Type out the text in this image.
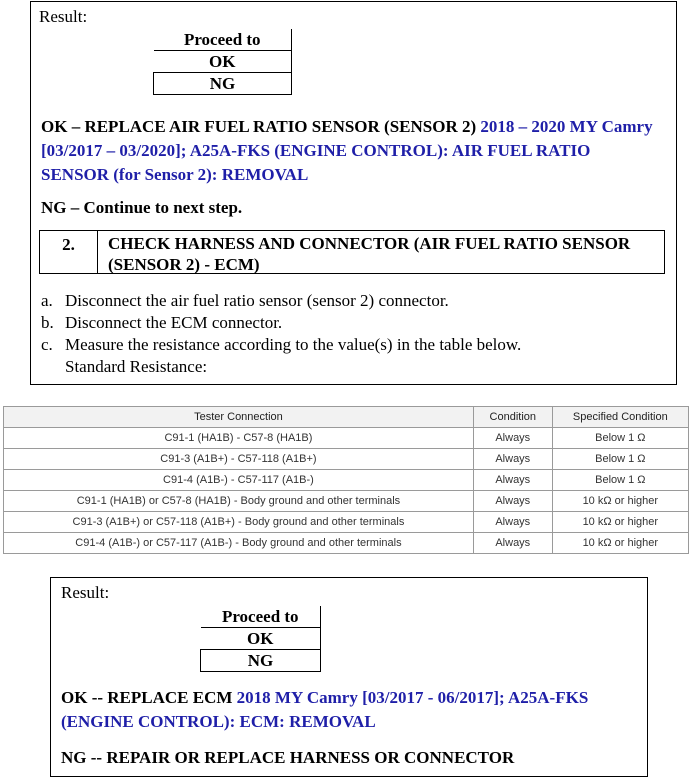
Result:
Proceed to
OK
NG
OK – REPLACE AIR FUEL RATIO SENSOR (SENSOR 2) 2018 – 2020 MY Camry [03/2017 – 03/2020]; A25A-FKS (ENGINE CONTROL): AIR FUEL RATIO SENSOR (for Sensor 2): REMOVAL
NG – Continue to next step.
2.	CHECK HARNESS AND CONNECTOR (AIR FUEL RATIO SENSOR (SENSOR 2) - ECM)
a. Disconnect the air fuel ratio sensor (sensor 2) connector.
b. Disconnect the ECM connector.
c. Measure the resistance according to the value(s) in the table below.
Standard Resistance:
Tester Connection	Condition	Specified Condition
C91-1 (HA1B) - C57-8 (HA1B)	Always	Below 1 Ω
C91-3 (A1B+) - C57-118 (A1B+)	Always	Below 1 Ω
C91-4 (A1B-) - C57-117 (A1B-)	Always	Below 1 Ω
C91-1 (HA1B) or C57-8 (HA1B) - Body ground and other terminals	Always	10 kΩ or higher
C91-3 (A1B+) or C57-118 (A1B+) - Body ground and other terminals	Always	10 kΩ or higher
C91-4 (A1B-) or C57-117 (A1B-) - Body ground and other terminals	Always	10 kΩ or higher
Result:
Proceed to
OK
NG
OK -- REPLACE ECM 2018 MY Camry [03/2017 - 06/2017]; A25A-FKS (ENGINE CONTROL): ECM: REMOVAL
NG -- REPAIR OR REPLACE HARNESS OR CONNECTOR
